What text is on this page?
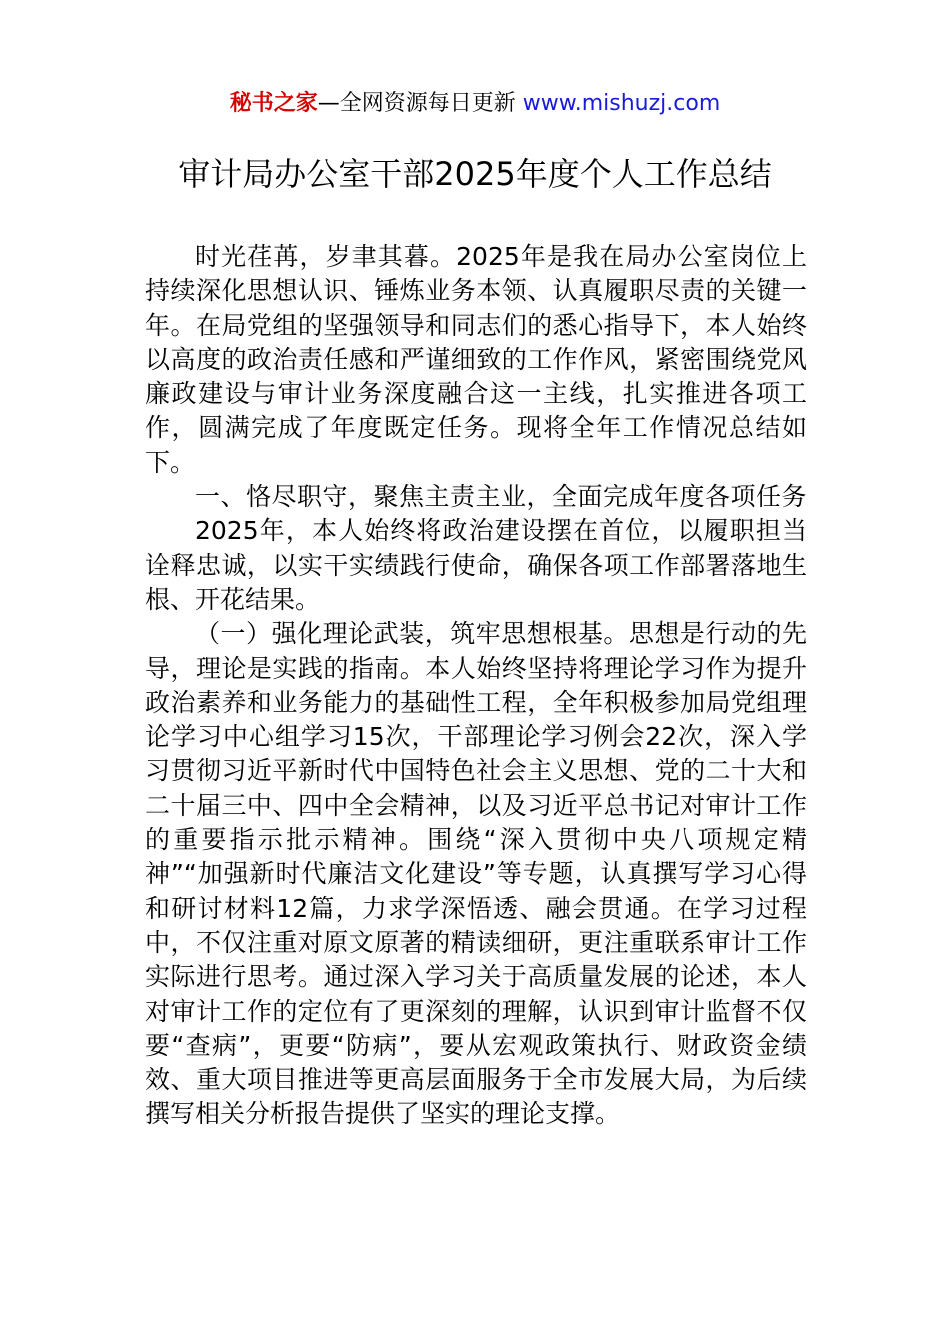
秘书之家—全网资源每日更新 www.mishuzj.com
审计局办公室干部2025年度个人工作总结

时光荏苒，岁聿其暮。2025年是我在局办公室岗位上持续深化思想认识、锤炼业务本领、认真履职尽责的关键一年。在局党组的坚强领导和同志们的悉心指导下，本人始终以高度的政治责任感和严谨细致的工作作风，紧密围绕党风廉政建设与审计业务深度融合这一主线，扎实推进各项工作，圆满完成了年度既定任务。现将全年工作情况总结如下。

一、恪尽职守，聚焦主责主业，全面完成年度各项任务

2025年，本人始终将政治建设摆在首位，以履职担当诠释忠诚，以实干实绩践行使命，确保各项工作部署落地生根、开花结果。

（一）强化理论武装，筑牢思想根基。思想是行动的先导，理论是实践的指南。本人始终坚持将理论学习作为提升政治素养和业务能力的基础性工程，全年积极参加局党组理论学习中心组学习15次，干部理论学习例会22次，深入学习贯彻习近平新时代中国特色社会主义思想、党的二十大和二十届三中、四中全会精神，以及习近平总书记对审计工作的重要指示批示精神。围绕“深入贯彻中央八项规定精神”“加强新时代廉洁文化建设”等专题，认真撰写学习心得和研讨材料12篇，力求学深悟透、融会贯通。在学习过程中，不仅注重对原文原著的精读细研，更注重联系审计工作实际进行思考。通过深入学习关于高质量发展的论述，本人对审计工作的定位有了更深刻的理解，认识到审计监督不仅要“查病”，更要“防病”，要从宏观政策执行、财政资金绩效、重大项目推进等更高层面服务于全市发展大局，为后续撰写相关分析报告提供了坚实的理论支撑。
